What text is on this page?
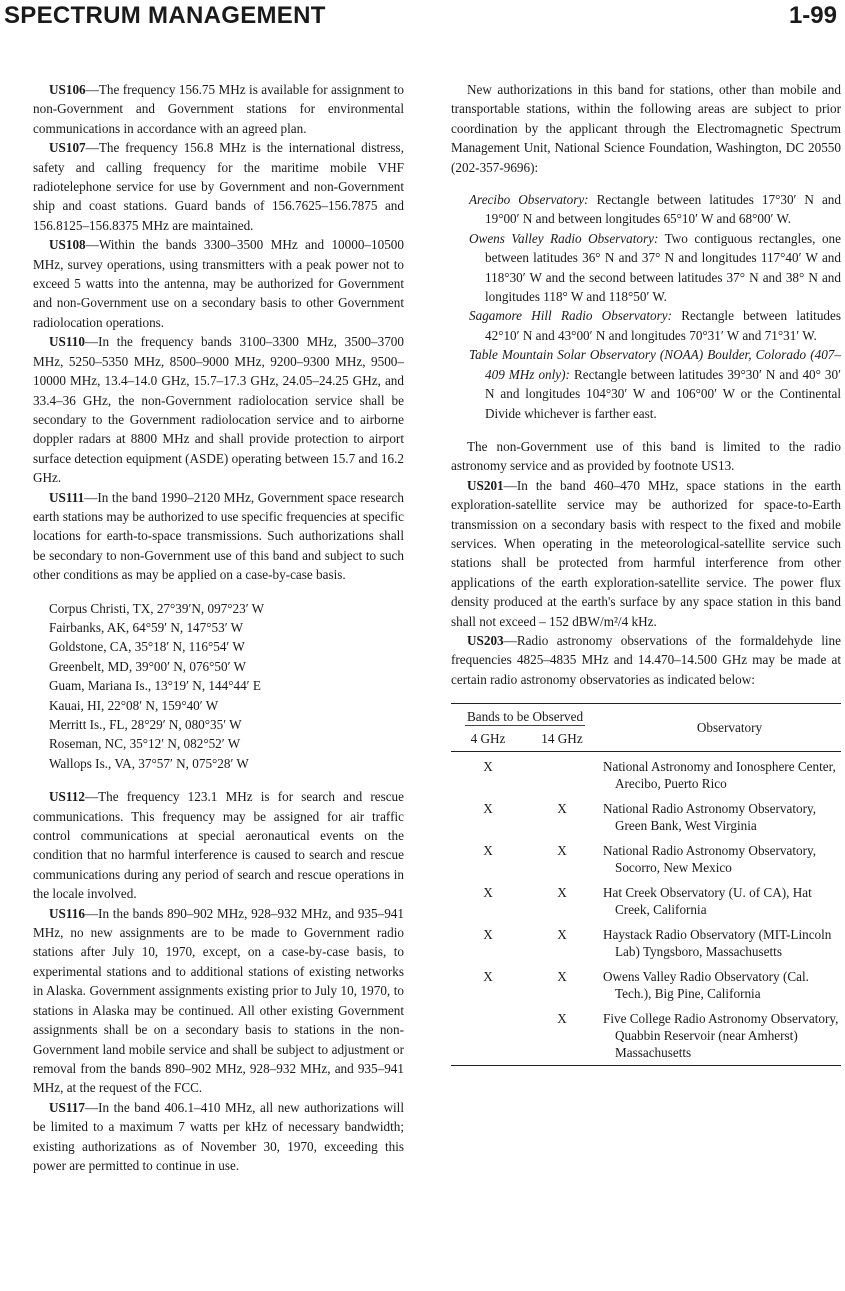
SPECTRUM MANAGEMENT	1-99

US106—The frequency 156.75 MHz is available for assignment to non-Government and Government stations for environmental communications in accordance with an agreed plan.

US107—The frequency 156.8 MHz is the international distress, safety and calling frequency for the maritime mobile VHF radiotelephone service for use by Government and non-Government ship and coast stations. Guard bands of 156.7625–156.7875 and 156.8125–156.8375 MHz are maintained.

US108—Within the bands 3300–3500 MHz and 10000–10500 MHz, survey operations, using transmitters with a peak power not to exceed 5 watts into the antenna, may be authorized for Government and non-Government use on a secondary basis to other Government radiolocation operations.

US110—In the frequency bands 3100–3300 MHz, 3500–3700 MHz, 5250–5350 MHz, 8500–9000 MHz, 9200–9300 MHz, 9500–10000 MHz, 13.4–14.0 GHz, 15.7–17.3 GHz, 24.05–24.25 GHz, and 33.4–36 GHz, the non-Government radiolocation service shall be secondary to the Government radiolocation service and to airborne doppler radars at 8800 MHz and shall provide protection to airport surface detection equipment (ASDE) operating between 15.7 and 16.2 GHz.

US111—In the band 1990–2120 MHz, Government space research earth stations may be authorized to use specific frequencies at specific locations for earth-to-space transmissions. Such authorizations shall be secondary to non-Government use of this band and subject to such other conditions as may be applied on a case-by-case basis.

Corpus Christi, TX, 27°39′N, 097°23′ W
Fairbanks, AK, 64°59′ N, 147°53′ W
Goldstone, CA, 35°18′ N, 116°54′ W
Greenbelt, MD, 39°00′ N, 076°50′ W
Guam, Mariana Is., 13°19′ N, 144°44′ E
Kauai, HI, 22°08′ N, 159°40′ W
Merritt Is., FL, 28°29′ N, 080°35′ W
Roseman, NC, 35°12′ N, 082°52′ W
Wallops Is., VA, 37°57′ N, 075°28′ W

US112—The frequency 123.1 MHz is for search and rescue communications. This frequency may be assigned for air traffic control communications at special aeronautical events on the condition that no harmful interference is caused to search and rescue communications during any period of search and rescue operations in the locale involved.

US116—In the bands 890–902 MHz, 928–932 MHz, and 935–941 MHz, no new assignments are to be made to Government radio stations after July 10, 1970, except, on a case-by-case basis, to experimental stations and to additional stations of existing networks in Alaska. Government assignments existing prior to July 10, 1970, to stations in Alaska may be continued. All other existing Government assignments shall be on a secondary basis to stations in the non-Government land mobile service and shall be subject to adjustment or removal from the bands 890–902 MHz, 928–932 MHz, and 935–941 MHz, at the request of the FCC.

US117—In the band 406.1–410 MHz, all new authorizations will be limited to a maximum 7 watts per kHz of necessary bandwidth; existing authorizations as of November 30, 1970, exceeding this power are permitted to continue in use.

New authorizations in this band for stations, other than mobile and transportable stations, within the following areas are subject to prior coordination by the applicant through the Electromagnetic Spectrum Management Unit, National Science Foundation, Washington, DC 20550 (202-357-9696):

Arecibo Observatory: Rectangle between latitudes 17°30′ N and 19°00′ N and between longitudes 65°10′ W and 68°00′ W.
Owens Valley Radio Observatory: Two contiguous rectangles, one between latitudes 36° N and 37° N and longitudes 117°40′ W and 118°30′ W and the second between latitudes 37° N and 38° N and longitudes 118° W and 118°50′ W.
Sagamore Hill Radio Observatory: Rectangle between latitudes 42°10′ N and 43°00′ N and longitudes 70°31′ W and 71°31′ W.
Table Mountain Solar Observatory (NOAA) Boulder, Colorado (407–409 MHz only): Rectangle between latitudes 39°30′ N and 40° 30′ N and longitudes 104°30′ W and 106°00′ W or the Continental Divide whichever is farther east.

The non-Government use of this band is limited to the radio astronomy service and as provided by footnote US13.

US201—In the band 460–470 MHz, space stations in the earth exploration-satellite service may be authorized for space-to-Earth transmission on a secondary basis with respect to the fixed and mobile services. When operating in the meteorological-satellite service such stations shall be protected from harmful interference from other applications of the earth exploration-satellite service. The power flux density produced at the earth's surface by any space station in this band shall not exceed – 152 dBW/m²/4 kHz.

US203—Radio astronomy observations of the formaldehyde line frequencies 4825–4835 MHz and 14.470–14.500 GHz may be made at certain radio astronomy observatories as indicated below:

Bands to be Observed		Observatory
4 GHz	14 GHz	
X		National Astronomy and Ionosphere Center, Arecibo, Puerto Rico
X	X	National Radio Astronomy Observatory, Green Bank, West Virginia
X	X	National Radio Astronomy Observatory, Socorro, New Mexico
X	X	Hat Creek Observatory (U. of CA), Hat Creek, California
X	X	Haystack Radio Observatory (MIT-Lincoln Lab) Tyngsboro, Massachusetts
X	X	Owens Valley Radio Observatory (Cal. Tech.), Big Pine, California
	X	Five College Radio Astronomy Observatory, Quabbin Reservoir (near Amherst) Massachusetts
